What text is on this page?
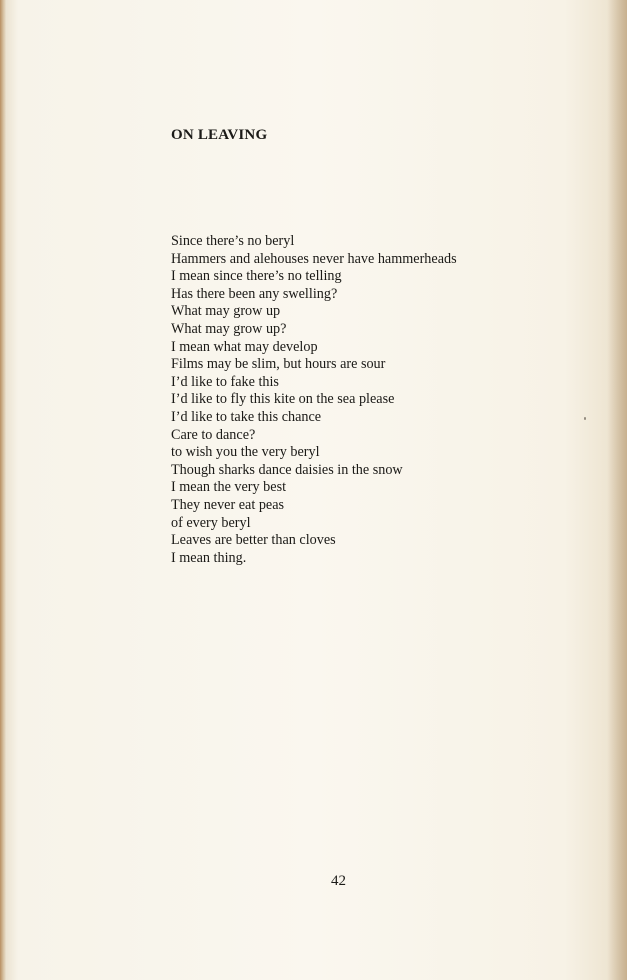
ON LEAVING
Since there’s no beryl
Hammers and alehouses never have hammerheads
I mean since there’s no telling
Has there been any swelling?
What may grow up
What may grow up?
I mean what may develop
Films may be slim, but hours are sour
I’d like to fake this
I’d like to fly this kite on the sea please
I’d like to take this chance
Care to dance?
to wish you the very beryl
Though sharks dance daisies in the snow
I mean the very best
They never eat peas
of every beryl
Leaves are better than cloves
I mean thing.
42
